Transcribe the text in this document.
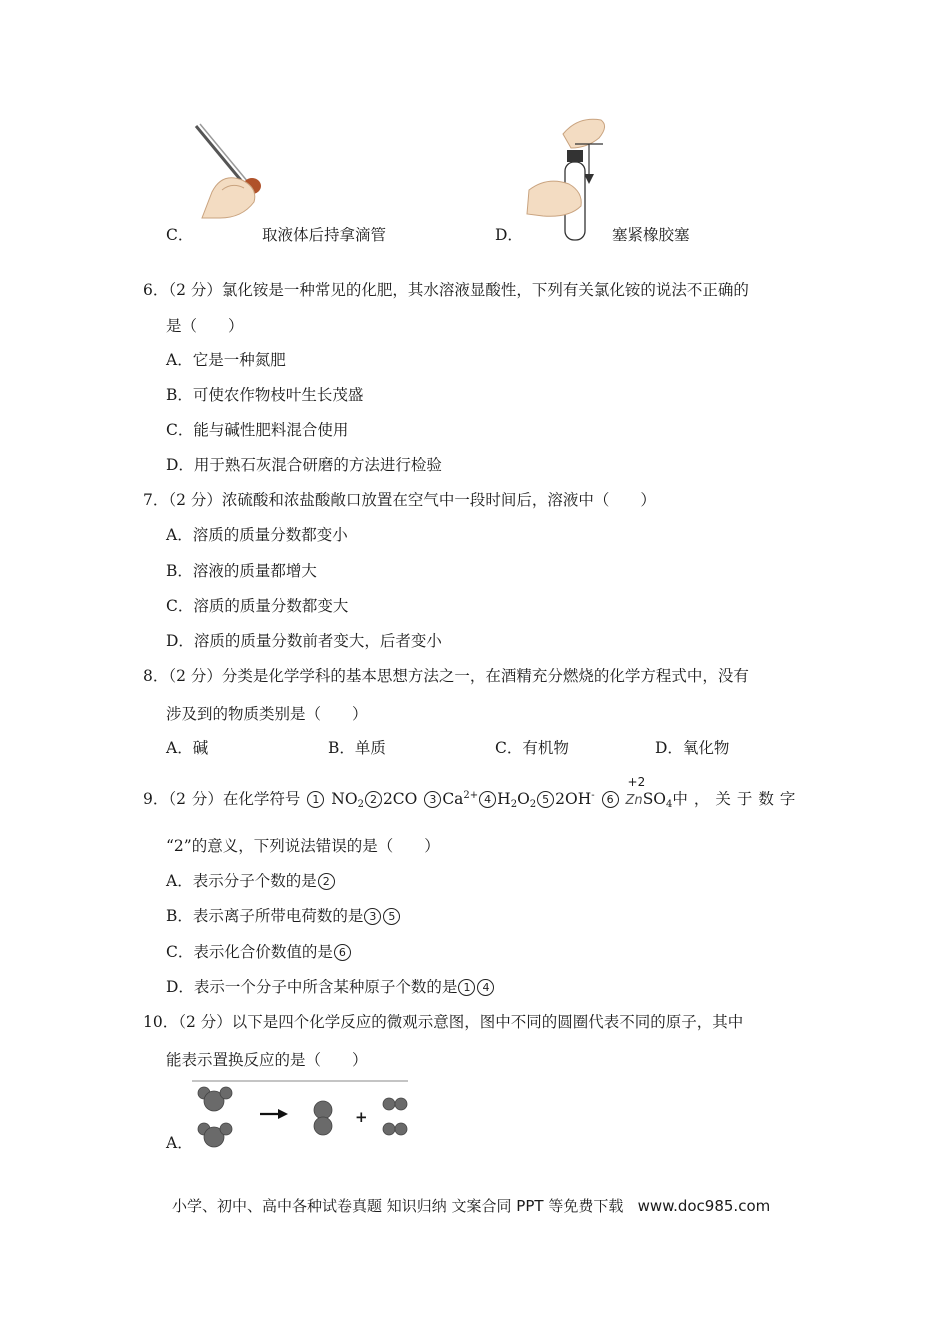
C．	取液体后持拿滴管	D．	塞紧橡胶塞
6．（2 分）氯化铵是一种常见的化肥，其水溶液显酸性，下列有关氯化铵的说法不正确的
是（　　）
A．它是一种氮肥
B．可使农作物枝叶生长茂盛
C．能与碱性肥料混合使用
D．用于熟石灰混合研磨的方法进行检验
7．（2 分）浓硫酸和浓盐酸敞口放置在空气中一段时间后，溶液中（　　）
A．溶质的质量分数都变小
B．溶液的质量都增大
C．溶质的质量分数都变大
D．溶质的质量分数前者变大，后者变小
8．（2 分）分类是化学学科的基本思想方法之一，在酒精充分燃烧的化学方程式中，没有
涉及到的物质类别是（　　）
A．碱	B．单质	C．有机物	D．氧化物
9．（2 分）在化学符号 1 $NO_2$ 2 2CO 3 $Ca^{2+}$ 4 $H_2O_2$ 5 2OH- 6
+2
ZnSO$_4$中，关于数字
“2”的意义，下列说法错误的是（　　）
A．表示分子个数的是 2
B．表示离子所带电荷数的是 3 5
C．表示化合价数值的是 6
D．表示一个分子中所含某种原子个数的是 1 4
10．（2 分）以下是四个化学反应的微观示意图，图中不同的圆圈代表不同的原子，其中
能表示置换反应的是（　　）
+
A．
小学、初中、高中各种试卷真题 知识归纳 文案合同 PPT 等免费下载 www.doc985.com
